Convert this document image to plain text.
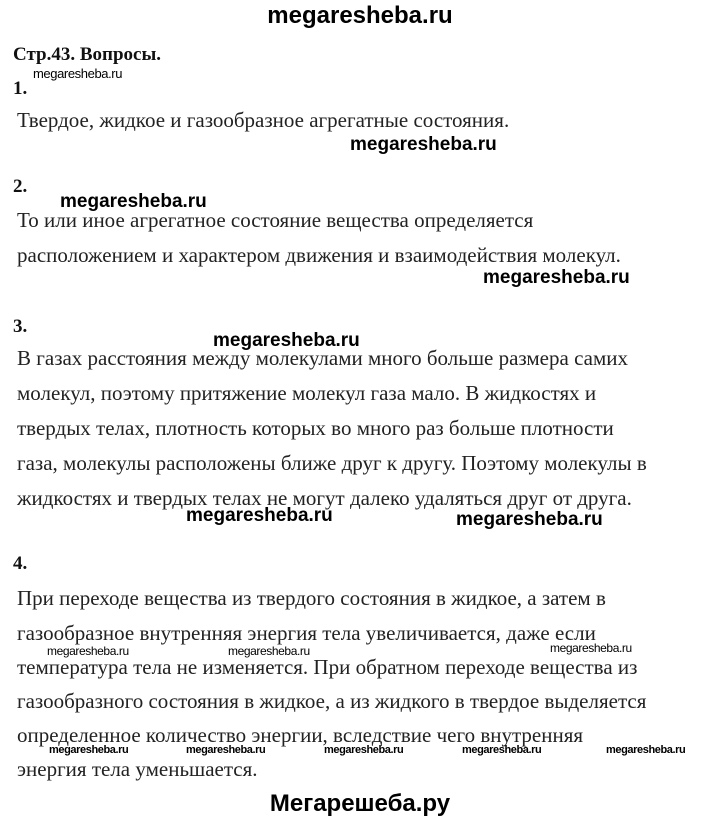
megaresheba.ru
Стр.43. Вопросы.
1.
Твердое, жидкое и газообразное агрегатные состояния.
2.
То или иное агрегатное состояние вещества определяется
расположением и характером движения и взаимодействия молекул.
3.
В газах расстояния между молекулами много больше размера самих
молекул, поэтому притяжение молекул газа мало. В жидкостях и
твердых телах, плотность которых во много раз больше плотности
газа, молекулы расположены ближе друг к другу. Поэтому молекулы в
жидкостях и твердых телах не могут далеко удаляться друг от друга.
4.
При переходе вещества из твердого состояния в жидкое, а затем в
газообразное внутренняя энергия тела увеличивается, даже если
температура тела не изменяется. При обратном переходе вещества из
газообразного состояния в жидкое, а из жидкого в твердое выделяется
определенное количество энергии, вследствие чего внутренняя
энергия тела уменьшается.
megaresheba.ru
megaresheba.ru
megaresheba.ru
megaresheba.ru
megaresheba.ru
megaresheba.ru	megaresheba.ru
megaresheba.ru	megaresheba.ru	megaresheba.ru
megaresheba.ru	megaresheba.ru	megaresheba.ru	megaresheba.ru	megaresheba.ru
Мегарешеба.ру
